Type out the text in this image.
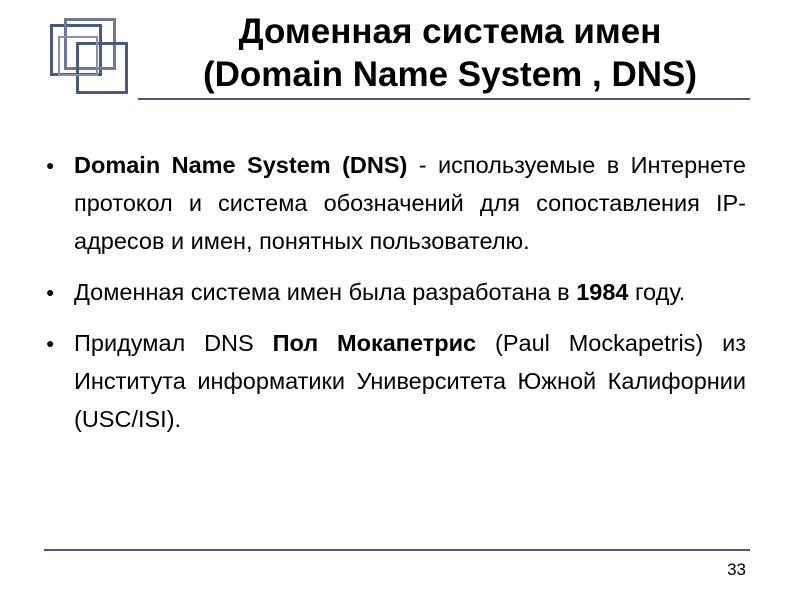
Доменная система имен
(Domain Name System , DNS)
● Domain Name System (DNS) - используемые в Интернете протокол и система обозначений для сопоставления IP-адресов и имен, понятных пользователю.
● Доменная система имен была разработана в 1984 году.
● Придумал DNS Пол Мокапетрис (Paul Mockapetris) из Института информатики Университета Южной Калифорнии (USC/ISI).
33
